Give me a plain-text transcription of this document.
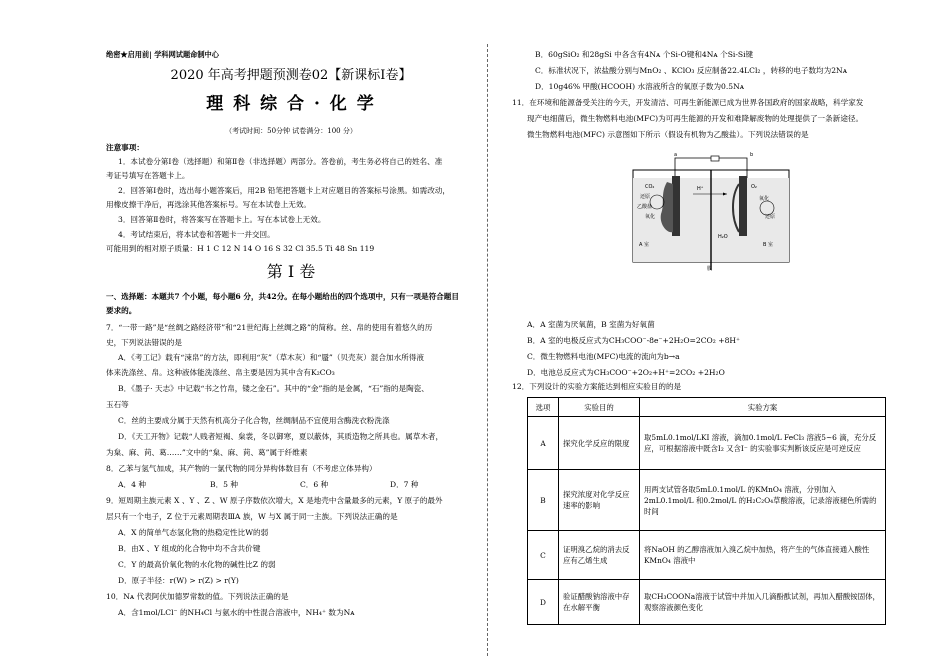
绝密★启用前| 学科网试题命制中心
2020 年高考押题预测卷02【新课标Ⅰ卷】
理 科 综 合 · 化 学
（考试时间：50分钟 试卷满分：100 分）
注意事项：
1．本试卷分第Ⅰ卷（选择题）和第Ⅱ卷（非选择题）两部分。答卷前，考生务必将自己的姓名、准
考证号填写在答题卡上。
2．回答第Ⅰ卷时，选出每小题答案后，用2B 铅笔把答题卡上对应题目的答案标号涂黑。如需改动，
用橡皮擦干净后，再选涂其他答案标号。写在本试卷上无效。
3．回答第Ⅱ卷时，将答案写在答题卡上。写在本试卷上无效。
4．考试结束后，将本试卷和答题卡一并交回。
可能用到的相对原子质量：H 1 C 12 N 14 O 16 S 32 Cl 35.5 Ti 48 Sn 119
第 Ⅰ 卷
一、选择题：本题共7 个小题，每小题6 分，共42分。在每小题给出的四个选项中，只有一项是符合题目
要求的。
7．“一带一路”是“丝绸之路经济带”和“21世纪海上丝绸之路”的简称。丝、帛的使用有着悠久的历
史，下列说法错误的是
A．《考工记》载有“涑帛”的方法，即利用“灰”（草木灰）和“蜃”（贝壳灰）混合加水所得液
体来洗涤丝、帛。这种液体能洗涤丝、帛主要是因为其中含有K₂CO₃
B．《墨子· 天志》中记载“书之竹帛，镂之金石”。其中的“金”指的是金属，“石”指的是陶瓷、
玉石等
C．丝的主要成分属于天然有机高分子化合物，丝绸制品不宜使用含酶洗衣粉洗涤
D．《天工开物》记载“人贱者短褐、枲裳，冬以御寒，夏以蔽体，其质造物之所具也。属草木者，
为枲、麻、苘、葛……”文中的“枲、麻、苘、葛”属于纤维素
8．乙苯与氢气加成，其产物的一氯代物的同分异构体数目有（不考虑立体异构）
A．4 种	B．5 种	C．6 种	D．7 种
9．短周期主族元素 X 、Y 、Z 、W 原子序数依次增大，X 是地壳中含量最多的元素，Y 原子的最外
层只有一个电子，Z 位于元素周期表ⅢA 族，W 与X 属于同一主族。下列说法正确的是
A．X 的简单气态氢化物的热稳定性比W的弱
B．由X 、Y 组成的化合物中均不含共价键
C．Y 的最高价氧化物的水化物的碱性比Z 的弱
D．原子半径：r(W) > r(Z) > r(Y)
10．Nᴀ 代表阿伏加德罗常数的值。下列说法正确的是
A．含1mol/LCl⁻ 的NH₄Cl 与氨水的中性混合溶液中，NH₄⁺ 数为Nᴀ
B．60gSiO₂ 和28gSi 中各含有4Nᴀ 个Si-O键和4Nᴀ 个Si-Si键
C．标准状况下，浓盐酸分别与MnO₂ 、KClO₃ 反应制备22.4LCl₂ ，转移的电子数均为2Nᴀ
D．10g46% 甲酸(HCOOH) 水溶液所含的氧原子数为0.5Nᴀ
11．在环境和能源备受关注的今天，开发清洁、可再生新能源已成为世界各国政府的国家战略，科学家发
现产电细菌后，微生物燃料电池(MFC)为可再生能源的开发和难降解废物的处理提供了一条新途径。
微生物燃料电池(MFC) 示意图如下所示（假设有机物为乙酸盐）。下列说法错误的是
a	b
CO₂
还原
乙酸盐
氧化
H⁺	O₂
氧化
还原
H₂O
A 室	B 室
膜
A．A 室菌为厌氧菌，B 室菌为好氧菌
B．A 室的电极反应式为CH₃COO⁻-8e⁻+2H₂O=2CO₂ +8H⁺
C．微生物燃料电池(MFC)电流的流向为b→a
D．电池总反应式为CH₃COO⁻+2O₂+H⁺=2CO₂ +2H₂O
12．下列设计的实验方案能达到相应实验目的的是
选项	实验目的	实验方案
A	探究化学反应的限度	取5mL0.1mol/LKI 溶液，滴加0.1mol/L FeCl₃ 溶液5~6 滴，充分反应，可根据溶液中既含I₂ 又含I⁻ 的实验事实判断该反应是可逆反应
B	探究浓度对化学反应速率的影响	用两支试管各取5mL0.1mol/L 的KMnO₄ 溶液，分别加入2mL0.1mol/L 和0.2mol/L 的H₂C₂O₄草酸溶液，记录溶液褪色所需的时间
C	证明溴乙烷的消去反应有乙烯生成	将NaOH 的乙醇溶液加入溴乙烷中加热，将产生的气体直接通入酸性KMnO₄ 溶液中
D	验证醋酸钠溶液中存在水解平衡	取CH₃COONa溶液于试管中并加入几滴酚酞试剂，再加入醋酸铵固体，观察溶液颜色变化
